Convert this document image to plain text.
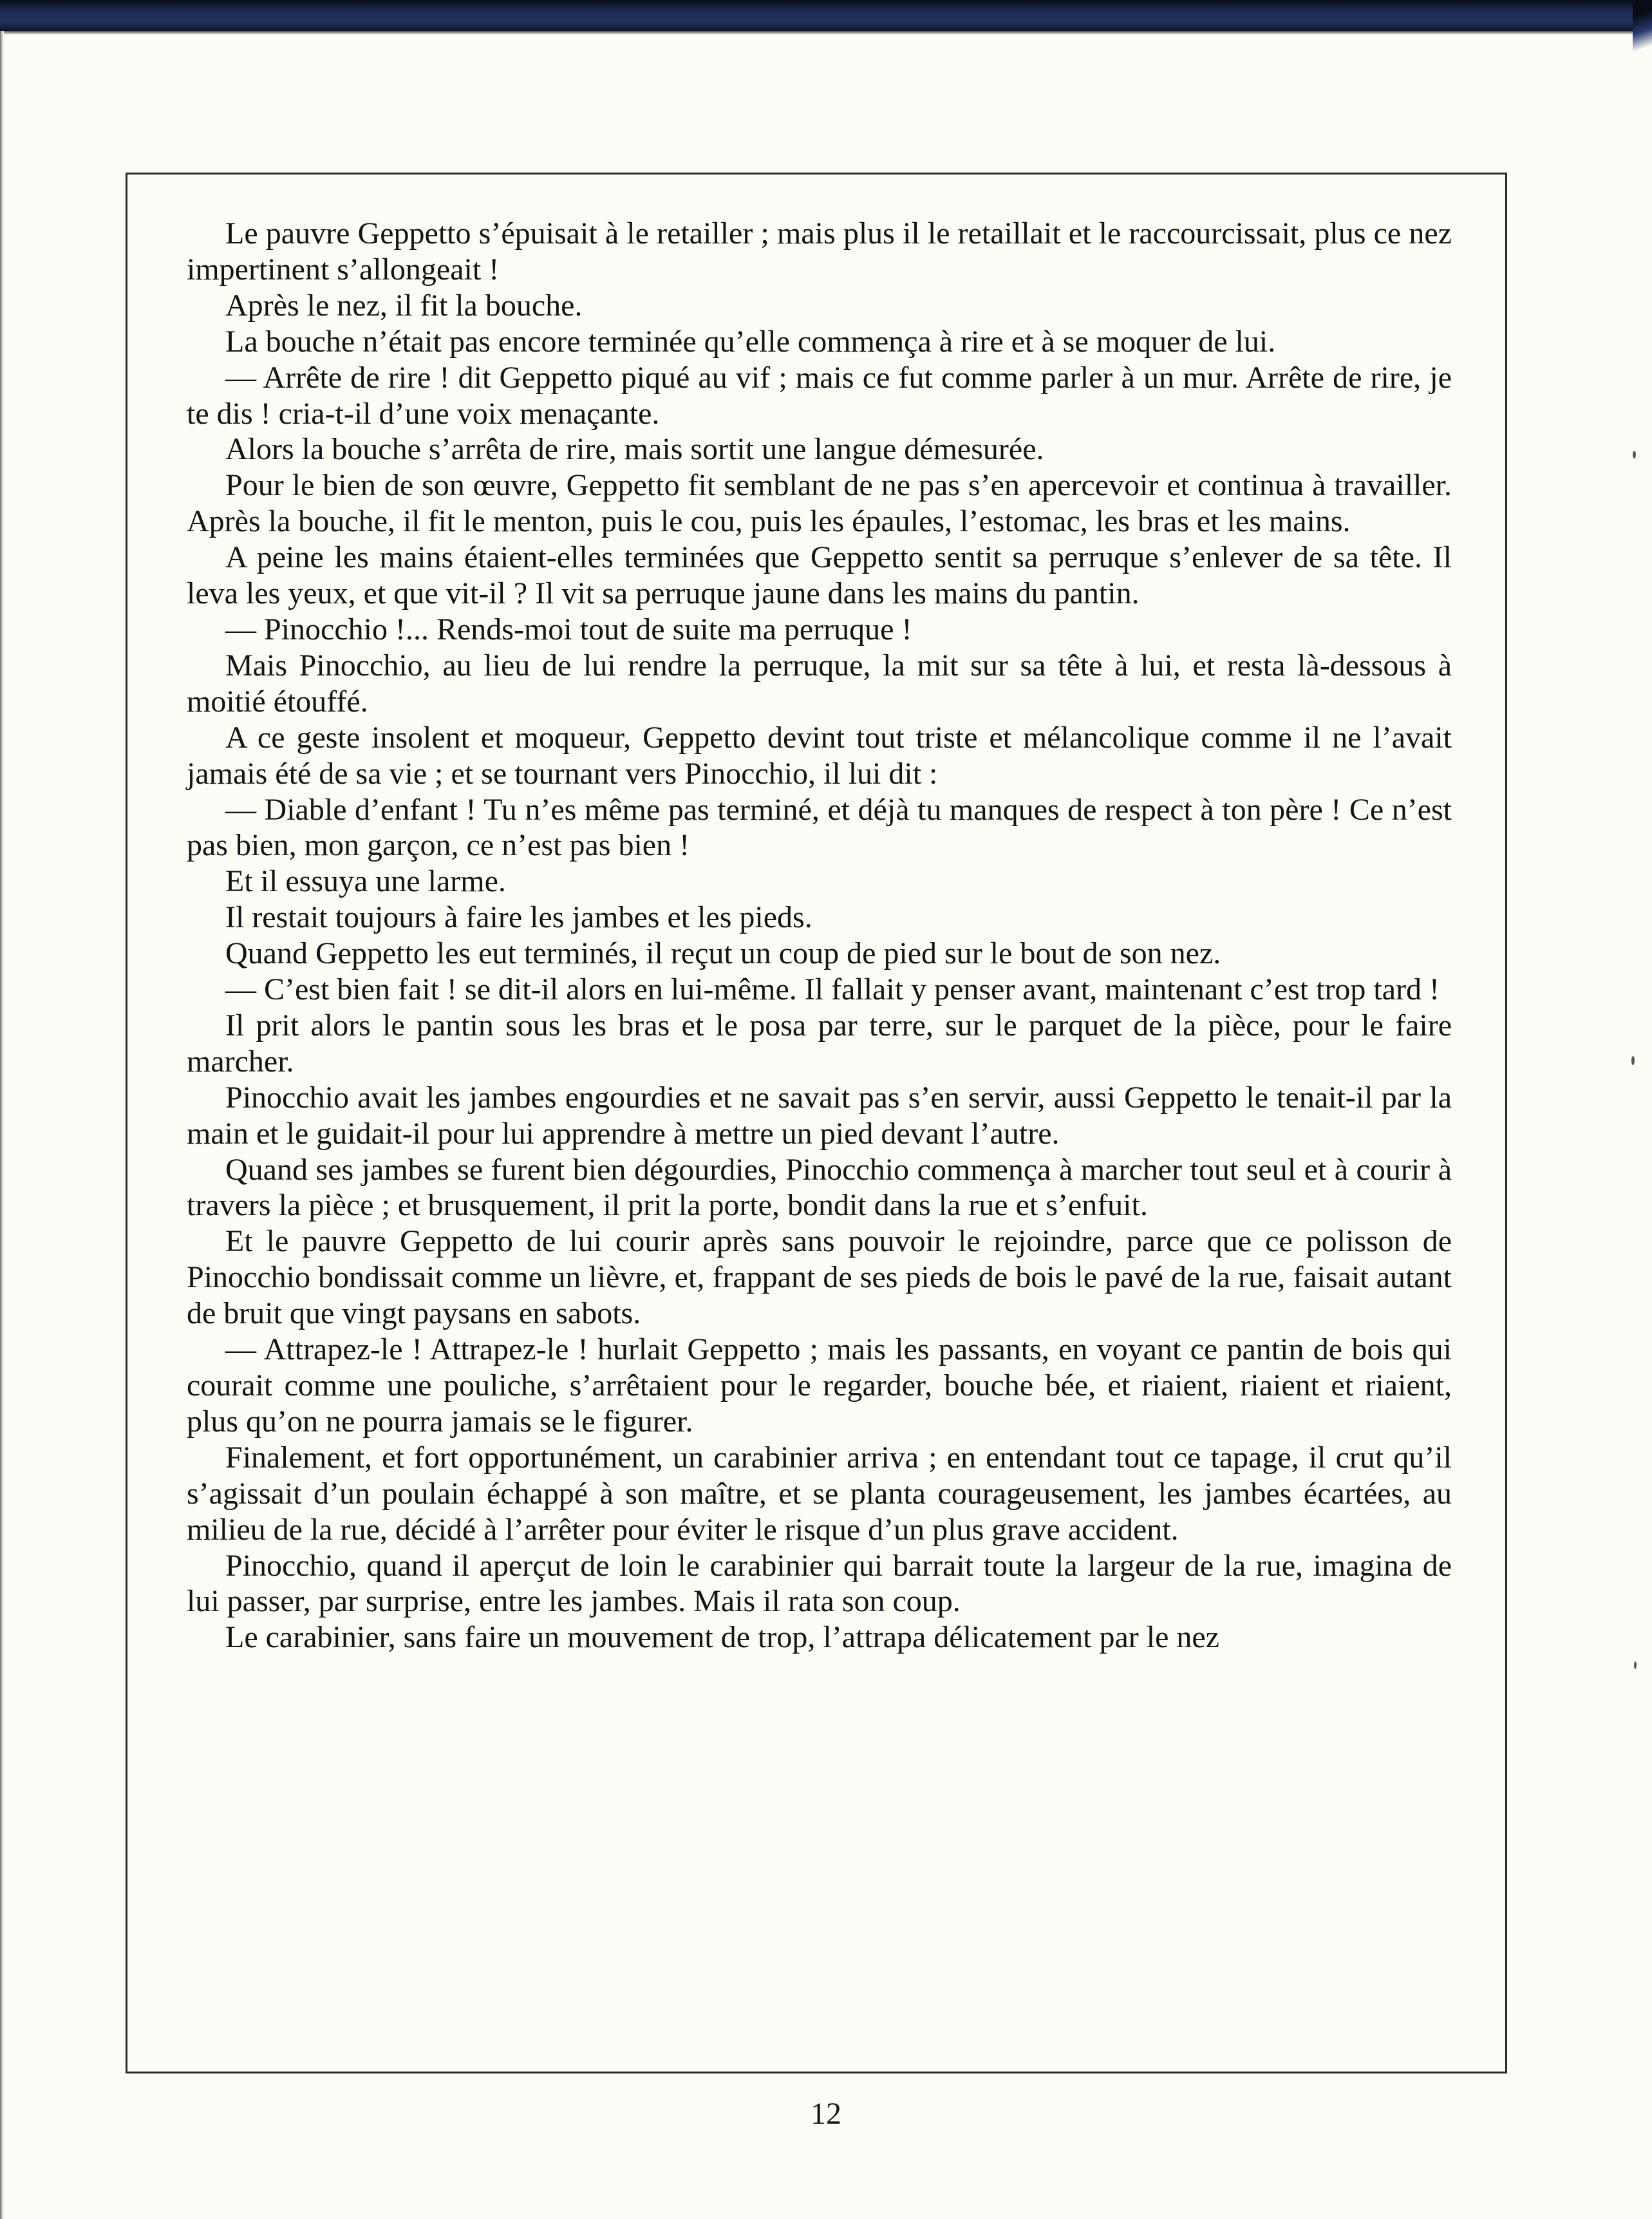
Le pauvre Geppetto s’épuisait à le retailler ; mais plus il le retaillait et le raccourcissait, plus ce nez impertinent s’allongeait !

Après le nez, il fit la bouche.

La bouche n’était pas encore terminée qu’elle commença à rire et à se moquer de lui.

— Arrête de rire ! dit Geppetto piqué au vif ; mais ce fut comme parler à un mur. Arrête de rire, je te dis ! cria-t-il d’une voix menaçante.

Alors la bouche s’arrêta de rire, mais sortit une langue démesurée.

Pour le bien de son œuvre, Geppetto fit semblant de ne pas s’en apercevoir et continua à travailler. Après la bouche, il fit le menton, puis le cou, puis les épaules, l’estomac, les bras et les mains.

A peine les mains étaient-elles terminées que Geppetto sentit sa perruque s’enlever de sa tête. Il leva les yeux, et que vit-il ? Il vit sa perruque jaune dans les mains du pantin.

— Pinocchio !... Rends-moi tout de suite ma perruque !

Mais Pinocchio, au lieu de lui rendre la perruque, la mit sur sa tête à lui, et resta là-dessous à moitié étouffé.

A ce geste insolent et moqueur, Geppetto devint tout triste et mélancolique comme il ne l’avait jamais été de sa vie ; et se tournant vers Pinocchio, il lui dit :

— Diable d’enfant ! Tu n’es même pas terminé, et déjà tu manques de respect à ton père ! Ce n’est pas bien, mon garçon, ce n’est pas bien !

Et il essuya une larme.

Il restait toujours à faire les jambes et les pieds.

Quand Geppetto les eut terminés, il reçut un coup de pied sur le bout de son nez.

— C’est bien fait ! se dit-il alors en lui-même. Il fallait y penser avant, maintenant c’est trop tard !

Il prit alors le pantin sous les bras et le posa par terre, sur le parquet de la pièce, pour le faire marcher.

Pinocchio avait les jambes engourdies et ne savait pas s’en servir, aussi Geppetto le tenait-il par la main et le guidait-il pour lui apprendre à mettre un pied devant l’autre.

Quand ses jambes se furent bien dégourdies, Pinocchio commença à marcher tout seul et à courir à travers la pièce ; et brusquement, il prit la porte, bondit dans la rue et s’enfuit.

Et le pauvre Geppetto de lui courir après sans pouvoir le rejoindre, parce que ce polisson de Pinocchio bondissait comme un lièvre, et, frappant de ses pieds de bois le pavé de la rue, faisait autant de bruit que vingt paysans en sabots.

— Attrapez-le ! Attrapez-le ! hurlait Geppetto ; mais les passants, en voyant ce pantin de bois qui courait comme une pouliche, s’arrêtaient pour le regarder, bouche bée, et riaient, riaient et riaient, plus qu’on ne pourra jamais se le figurer.

Finalement, et fort opportunément, un carabinier arriva ; en entendant tout ce tapage, il crut qu’il s’agissait d’un poulain échappé à son maître, et se planta courageusement, les jambes écartées, au milieu de la rue, décidé à l’arrêter pour éviter le risque d’un plus grave accident.

Pinocchio, quand il aperçut de loin le carabinier qui barrait toute la largeur de la rue, imagina de lui passer, par surprise, entre les jambes. Mais il rata son coup.

Le carabinier, sans faire un mouvement de trop, l’attrapa délicatement par le nez

12
